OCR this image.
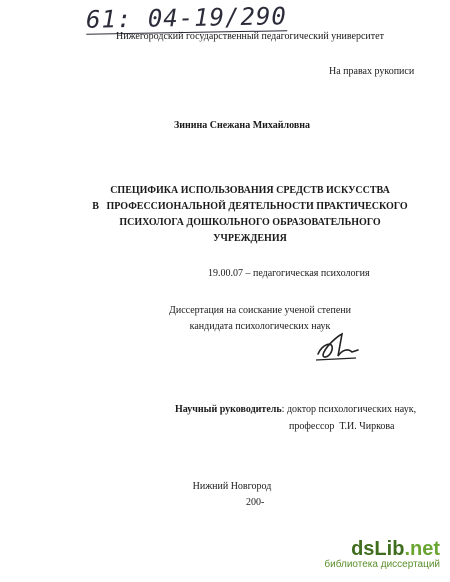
61: 04-19/290
Нижегородский государственный педагогический университет
На правах рукописи
Зинина Снежана Михайловна
СПЕЦИФИКА ИСПОЛЬЗОВАНИЯ СРЕДСТВ ИСКУССТВА
В   ПРОФЕССИОНАЛЬНОЙ ДЕЯТЕЛЬНОСТИ ПРАКТИЧЕСКОГО
ПСИХОЛОГА ДОШКОЛЬНОГО ОБРАЗОВАТЕЛЬНОГО
УЧРЕЖДЕНИЯ
19.00.07 – педагогическая психология
Диссертация на соискание ученой степени
кандидата психологических наук
Научный руководитель: доктор психологических наук,
профессор  Т.И. Чиркова
Нижний Новгород
200-
dsLib.net
библиотека диссертаций
